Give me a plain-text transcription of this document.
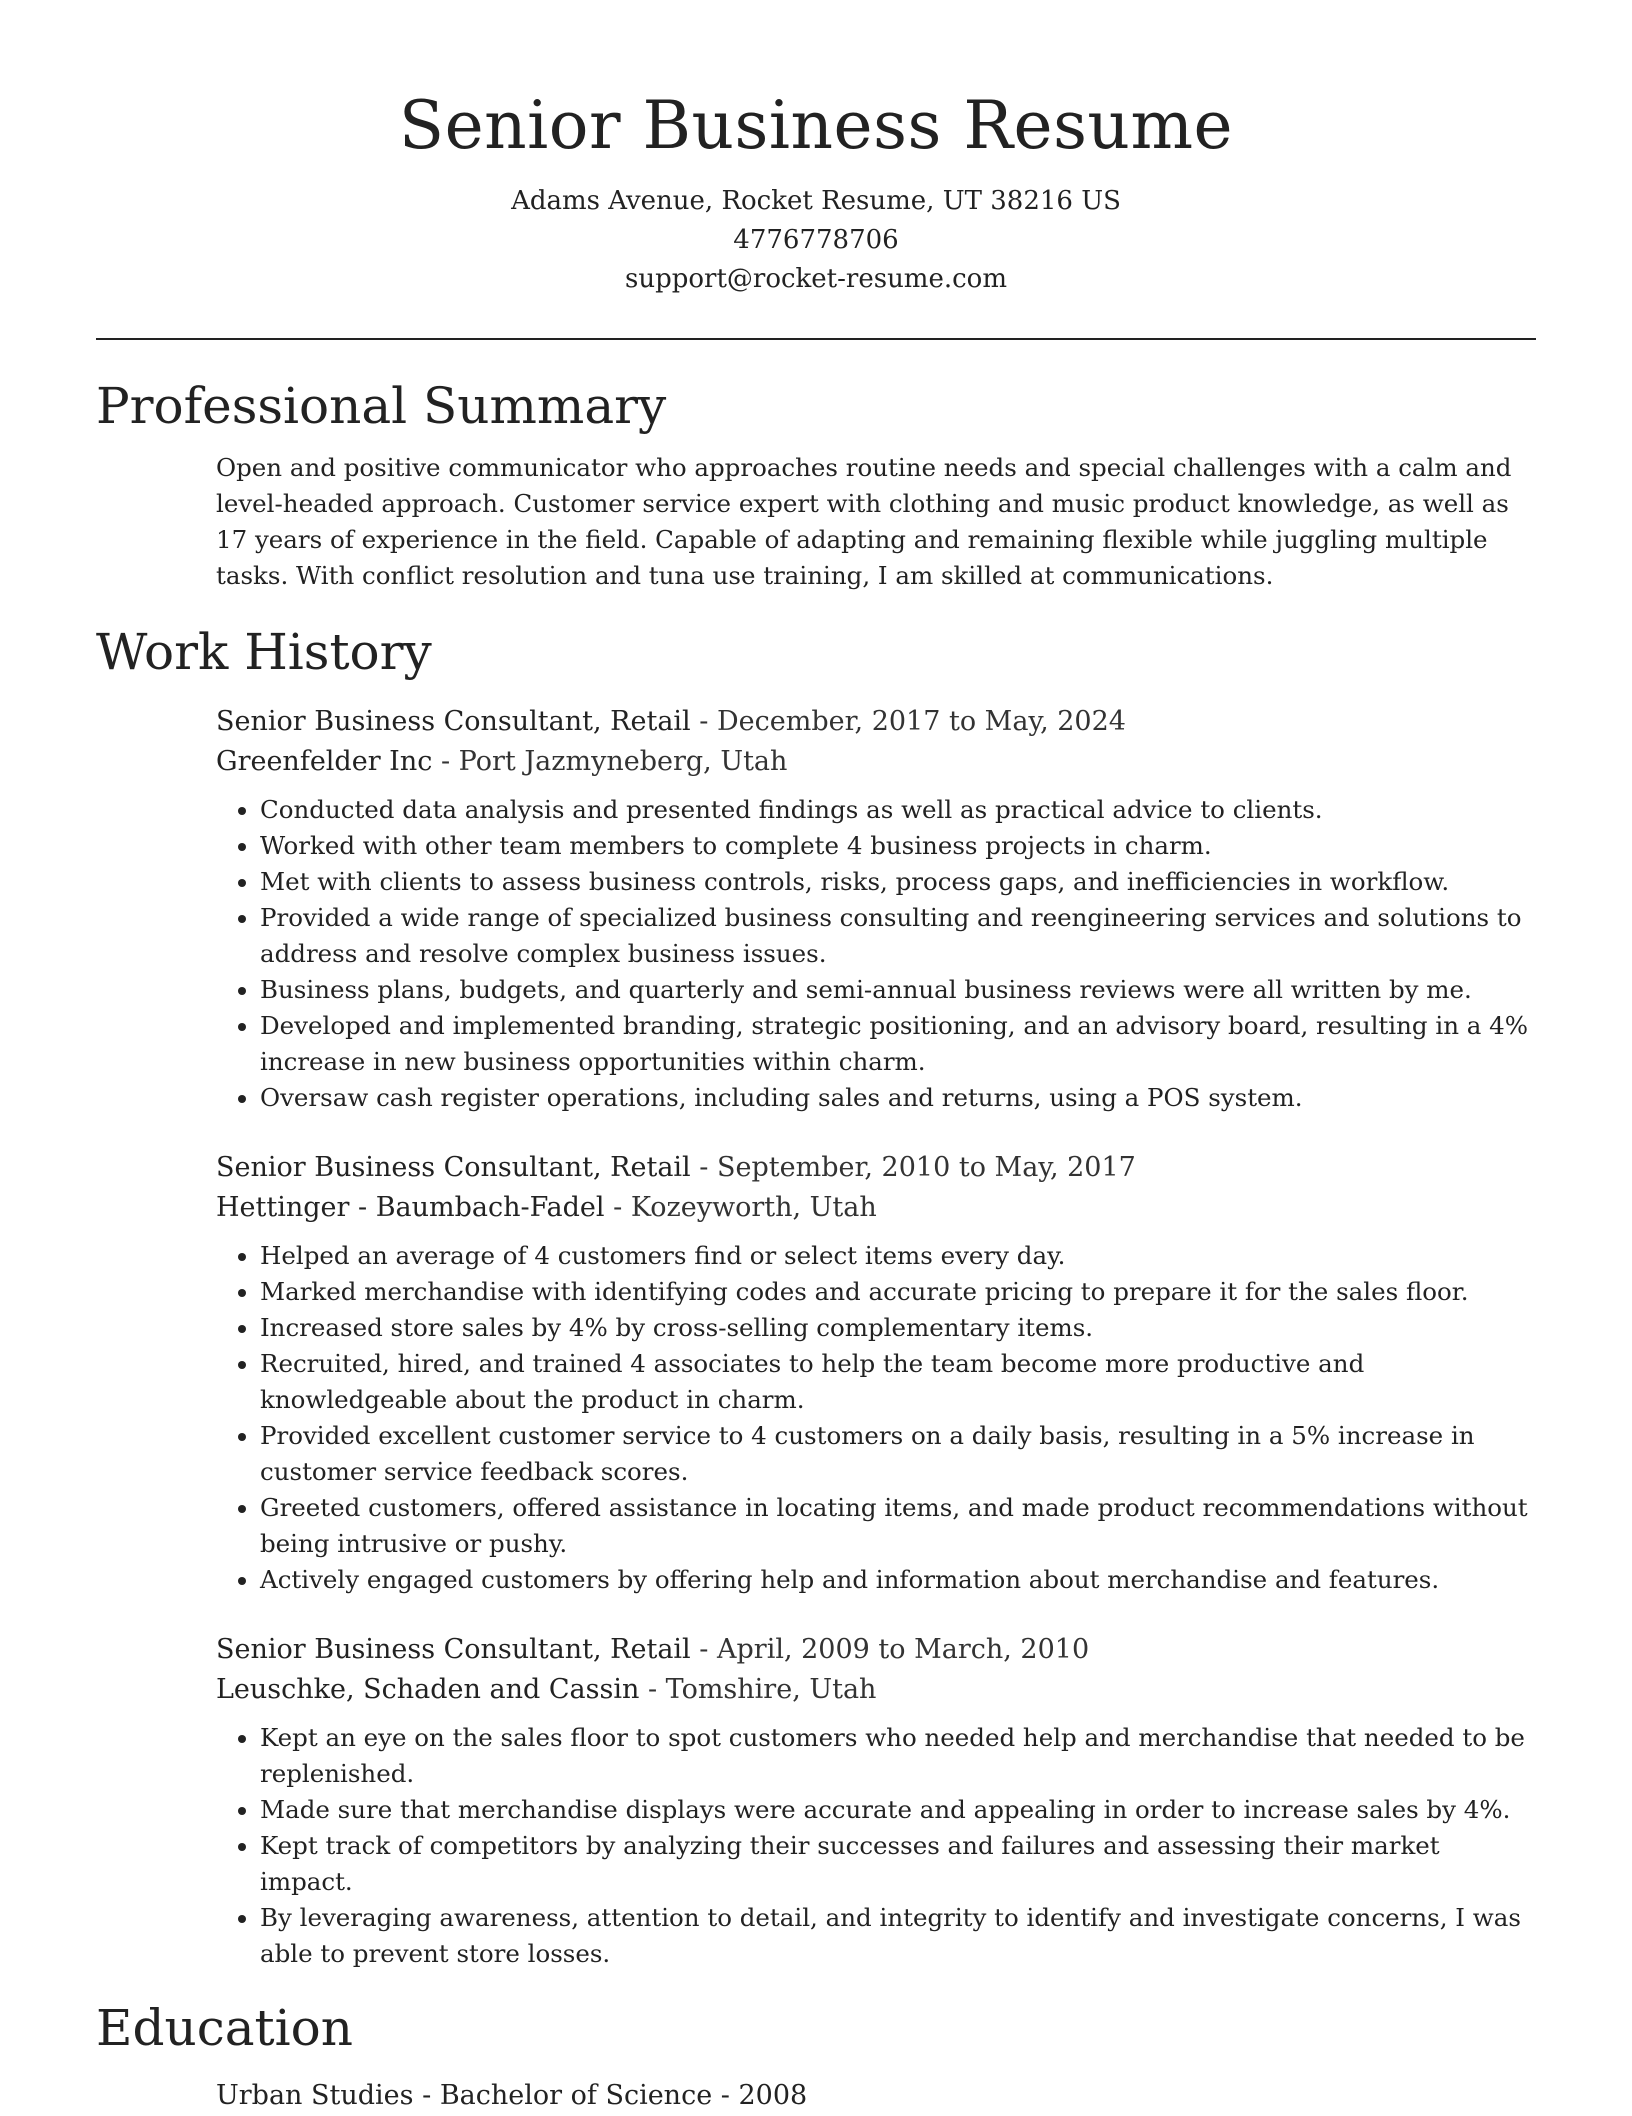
Senior Business Resume
Adams Avenue, Rocket Resume, UT 38216 US
4776778706
support@rocket-resume.com
Professional Summary
Open and positive communicator who approaches routine needs and special challenges with a calm and level-headed approach. Customer service expert with clothing and music product knowledge, as well as 17 years of experience in the field. Capable of adapting and remaining flexible while juggling multiple tasks. With conflict resolution and tuna use training, I am skilled at communications.
Work History
Senior Business Consultant, Retail - December, 2017 to May, 2024
Greenfelder Inc - Port Jazmyneberg, Utah
• Conducted data analysis and presented findings as well as practical advice to clients.
• Worked with other team members to complete 4 business projects in charm.
• Met with clients to assess business controls, risks, process gaps, and inefficiencies in workflow.
• Provided a wide range of specialized business consulting and reengineering services and solutions to address and resolve complex business issues.
• Business plans, budgets, and quarterly and semi-annual business reviews were all written by me.
• Developed and implemented branding, strategic positioning, and an advisory board, resulting in a 4% increase in new business opportunities within charm.
• Oversaw cash register operations, including sales and returns, using a POS system.
Senior Business Consultant, Retail - September, 2010 to May, 2017
Hettinger - Baumbach-Fadel - Kozeyworth, Utah
• Helped an average of 4 customers find or select items every day.
• Marked merchandise with identifying codes and accurate pricing to prepare it for the sales floor.
• Increased store sales by 4% by cross-selling complementary items.
• Recruited, hired, and trained 4 associates to help the team become more productive and knowledgeable about the product in charm.
• Provided excellent customer service to 4 customers on a daily basis, resulting in a 5% increase in customer service feedback scores.
• Greeted customers, offered assistance in locating items, and made product recommendations without being intrusive or pushy.
• Actively engaged customers by offering help and information about merchandise and features.
Senior Business Consultant, Retail - April, 2009 to March, 2010
Leuschke, Schaden and Cassin - Tomshire, Utah
• Kept an eye on the sales floor to spot customers who needed help and merchandise that needed to be replenished.
• Made sure that merchandise displays were accurate and appealing in order to increase sales by 4%.
• Kept track of competitors by analyzing their successes and failures and assessing their market impact.
• By leveraging awareness, attention to detail, and integrity to identify and investigate concerns, I was able to prevent store losses.
Education
Urban Studies - Bachelor of Science - 2008
